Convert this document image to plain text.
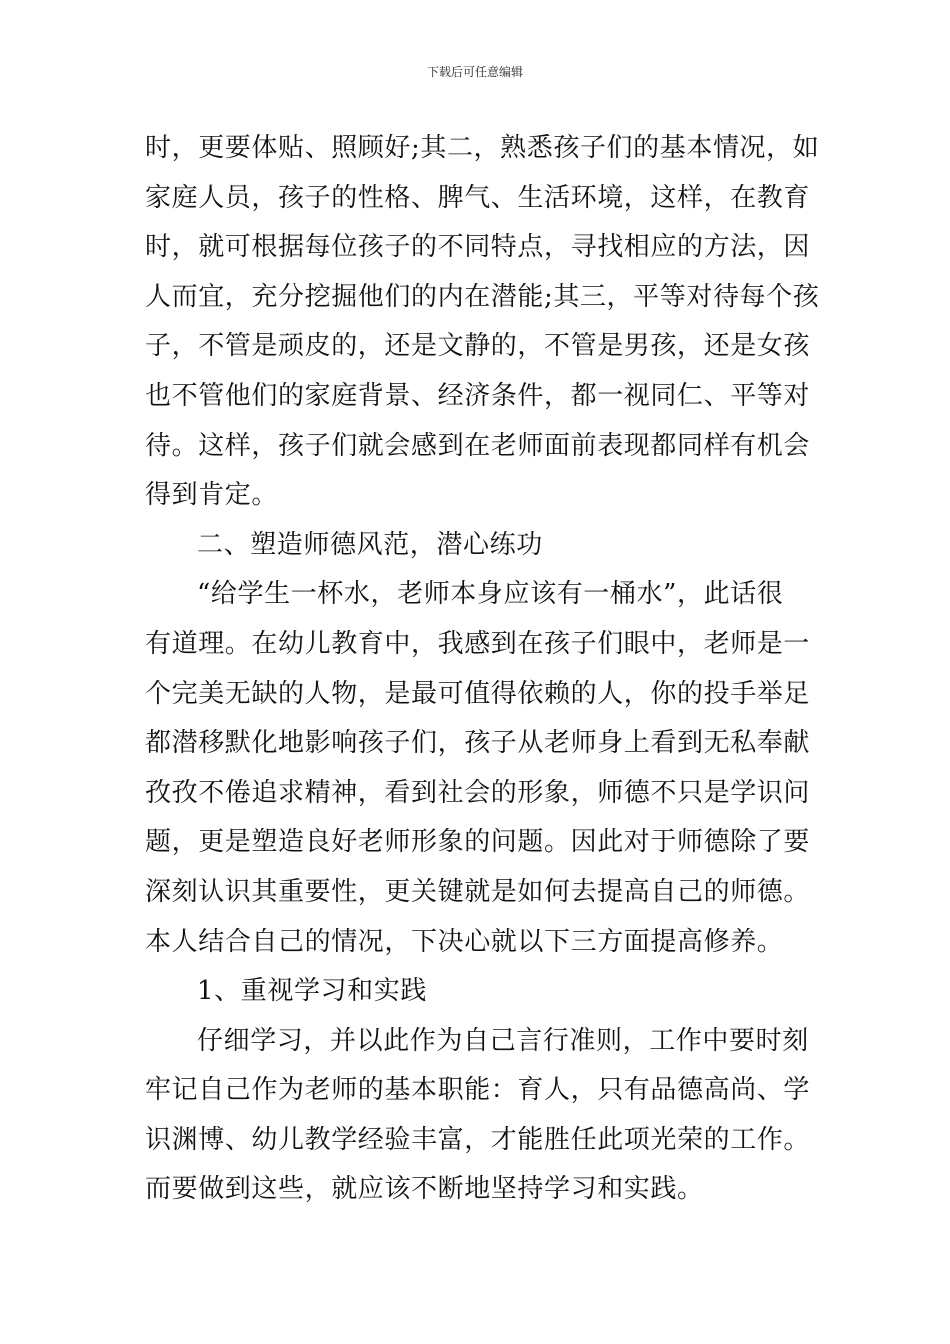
下载后可任意编辑
时，更要体贴、照顾好;其二，熟悉孩子们的基本情况，如
家庭人员，孩子的性格、脾气、生活环境，这样，在教育
时，就可根据每位孩子的不同特点，寻找相应的方法，因
人而宜，充分挖掘他们的内在潜能;其三，平等对待每个孩
子，不管是顽皮的，还是文静的，不管是男孩，还是女孩
也不管他们的家庭背景、经济条件，都一视同仁、平等对
待。这样，孩子们就会感到在老师面前表现都同样有机会
得到肯定。
二、塑造师德风范，潜心练功
“给学生一杯水，老师本身应该有一桶水”，此话很
有道理。在幼儿教育中，我感到在孩子们眼中，老师是一
个完美无缺的人物，是最可值得依赖的人，你的投手举足
都潜移默化地影响孩子们，孩子从老师身上看到无私奉献
孜孜不倦追求精神，看到社会的形象，师德不只是学识问
题，更是塑造良好老师形象的问题。因此对于师德除了要
深刻认识其重要性，更关键就是如何去提高自己的师德。
本人结合自己的情况，下决心就以下三方面提高修养。
1、重视学习和实践
仔细学习，并以此作为自己言行准则，工作中要时刻
牢记自己作为老师的基本职能：育人，只有品德高尚、学
识渊博、幼儿教学经验丰富，才能胜任此项光荣的工作。
而要做到这些，就应该不断地坚持学习和实践。
